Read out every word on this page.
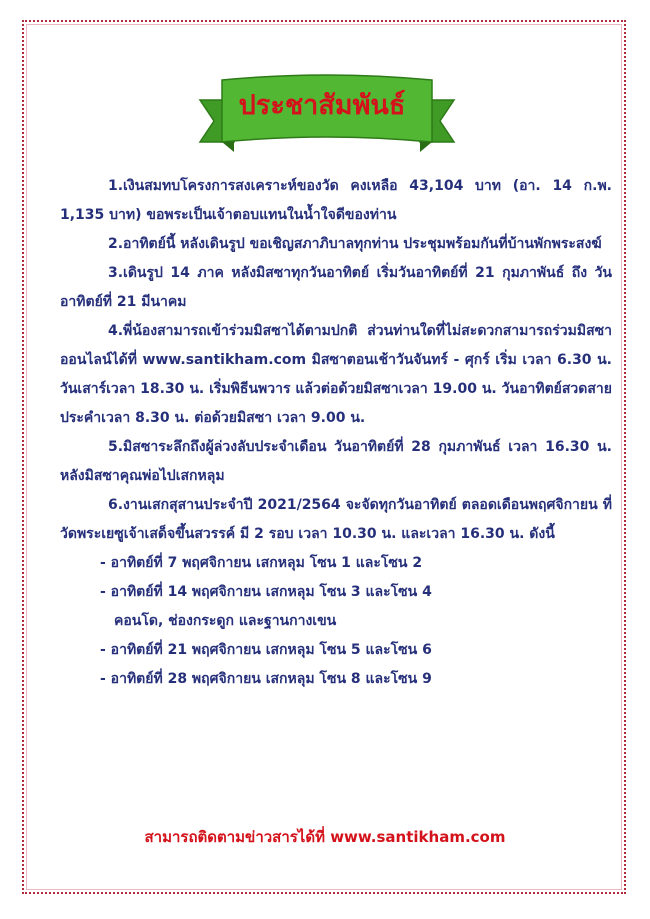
ประชาสัมพันธ์

1.เงินสมทบโครงการสงเคราะห์ของวัด คงเหลือ 43,104 บาท (อา. 14 ก.พ. 1,135 บาท) ขอพระเป็นเจ้าตอบแทนในน้ำใจดีของท่าน

2.อาทิตย์นี้ หลังเดินรูป ขอเชิญสภาภิบาลทุกท่าน ประชุมพร้อมกันที่บ้านพักพระสงฆ์

3.เดินรูป 14 ภาค หลังมิสซาทุกวันอาทิตย์ เริ่มวันอาทิตย์ที่ 21 กุมภาพันธ์ ถึง วันอาทิตย์ที่ 21 มีนาคม

4.พี่น้องสามารถเข้าร่วมมิสซาได้ตามปกติ ส่วนท่านใดที่ไม่สะดวกสามารถร่วมมิสซาออนไลน์ได้ที่ www.santikham.com มิสซาตอนเช้าวันจันทร์ - ศุกร์ เริ่ม เวลา 6.30 น. วันเสาร์เวลา 18.30 น. เริ่มพิธีนพวาร แล้วต่อด้วยมิสซาเวลา 19.00 น. วันอาทิตย์สวดสายประคำเวลา 8.30 น. ต่อด้วยมิสซา เวลา 9.00 น.

5.มิสซาระลึกถึงผู้ล่วงลับประจำเดือน วันอาทิตย์ที่ 28 กุมภาพันธ์ เวลา 16.30 น. หลังมิสซาคุณพ่อไปเสกหลุม

6.งานเสกสุสานประจำปี 2021/2564 จะจัดทุกวันอาทิตย์ ตลอดเดือนพฤศจิกายน ที่วัดพระเยซูเจ้าเสด็จขึ้นสวรรค์ มี 2 รอบ เวลา 10.30 น. และเวลา 16.30 น. ดังนี้

- อาทิตย์ที่ 7 พฤศจิกายน เสกหลุม โซน 1 และโซน 2
- อาทิตย์ที่ 14 พฤศจิกายน เสกหลุม โซน 3 และโซน 4
คอนโด, ช่องกระดูก และฐานกางเขน
- อาทิตย์ที่ 21 พฤศจิกายน เสกหลุม โซน 5 และโซน 6
- อาทิตย์ที่ 28 พฤศจิกายน เสกหลุม โซน 8 และโซน 9
สามารถติดตามข่าวสารได้ที่ www.santikham.com
